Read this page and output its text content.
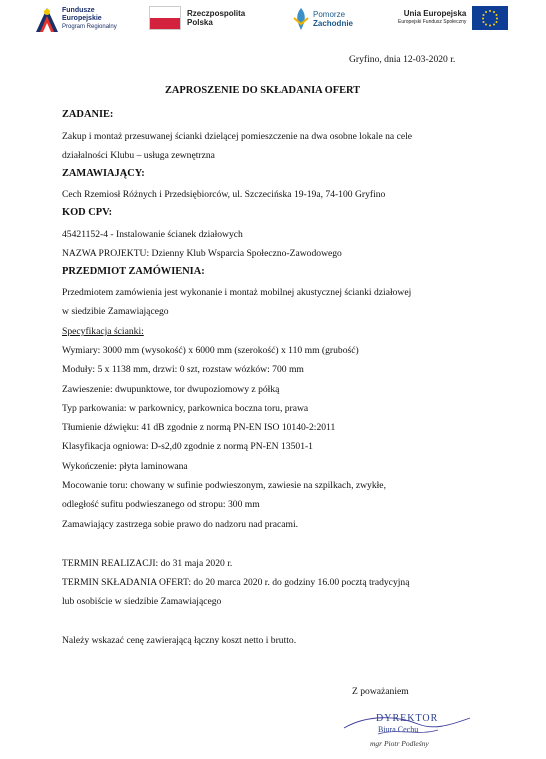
Fundusze
Europejskie
Program Regionalny
Rzeczpospolita
Polska
Pomorze
Zachodnie
Unia Europejska
Europejski Fundusz Społeczny
Gryfino, dnia 12-03-2020 r.
ZAPROSZENIE DO SKŁADANIA OFERT
ZADANIE:
Zakup i montaż przesuwanej ścianki dzielącej pomieszczenie na dwa osobne lokale na cele
działalności Klubu – usługa zewnętrzna
ZAMAWIAJĄCY:
Cech Rzemiosł Różnych i Przedsiębiorców, ul. Szczecińska 19-19a, 74-100 Gryfino
KOD CPV:
45421152-4 - Instalowanie ścianek działowych
NAZWA PROJEKTU: Dzienny Klub Wsparcia Społeczno-Zawodowego
PRZEDMIOT ZAMÓWIENIA:
Przedmiotem zamówienia jest wykonanie i montaż mobilnej akustycznej ścianki działowej
w siedzibie Zamawiającego
Specyfikacja ścianki:
Wymiary: 3000 mm (wysokość) x 6000 mm (szerokość) x 110 mm (grubość)
Moduły: 5 x 1138 mm, drzwi: 0 szt, rozstaw wózków: 700 mm
Zawieszenie: dwupunktowe, tor dwupoziomowy z półką
Typ parkowania: w parkownicy, parkownica boczna toru, prawa
Tłumienie dźwięku: 41 dB zgodnie z normą PN-EN ISO 10140-2:2011
Klasyfikacja ogniowa: D-s2,d0 zgodnie z normą PN-EN 13501-1
Wykończenie: płyta laminowana
Mocowanie toru: chowany w sufinie podwieszonym, zawiesie na szpilkach, zwykłe,
odległość sufitu podwieszanego od stropu: 300 mm
Zamawiający zastrzega sobie prawo do nadzoru nad pracami.
TERMIN REALIZACJI: do 31 maja 2020 r.
TERMIN SKŁADANIA OFERT: do 20 marca 2020 r. do godziny 16.00 pocztą tradycyjną
lub osobiście w siedzibie Zamawiającego
Należy wskazać cenę zawierającą łączny koszt netto i brutto.
Z poważaniem
DYREKTOR
Biura Cechu
mgr Piotr Podleśny
